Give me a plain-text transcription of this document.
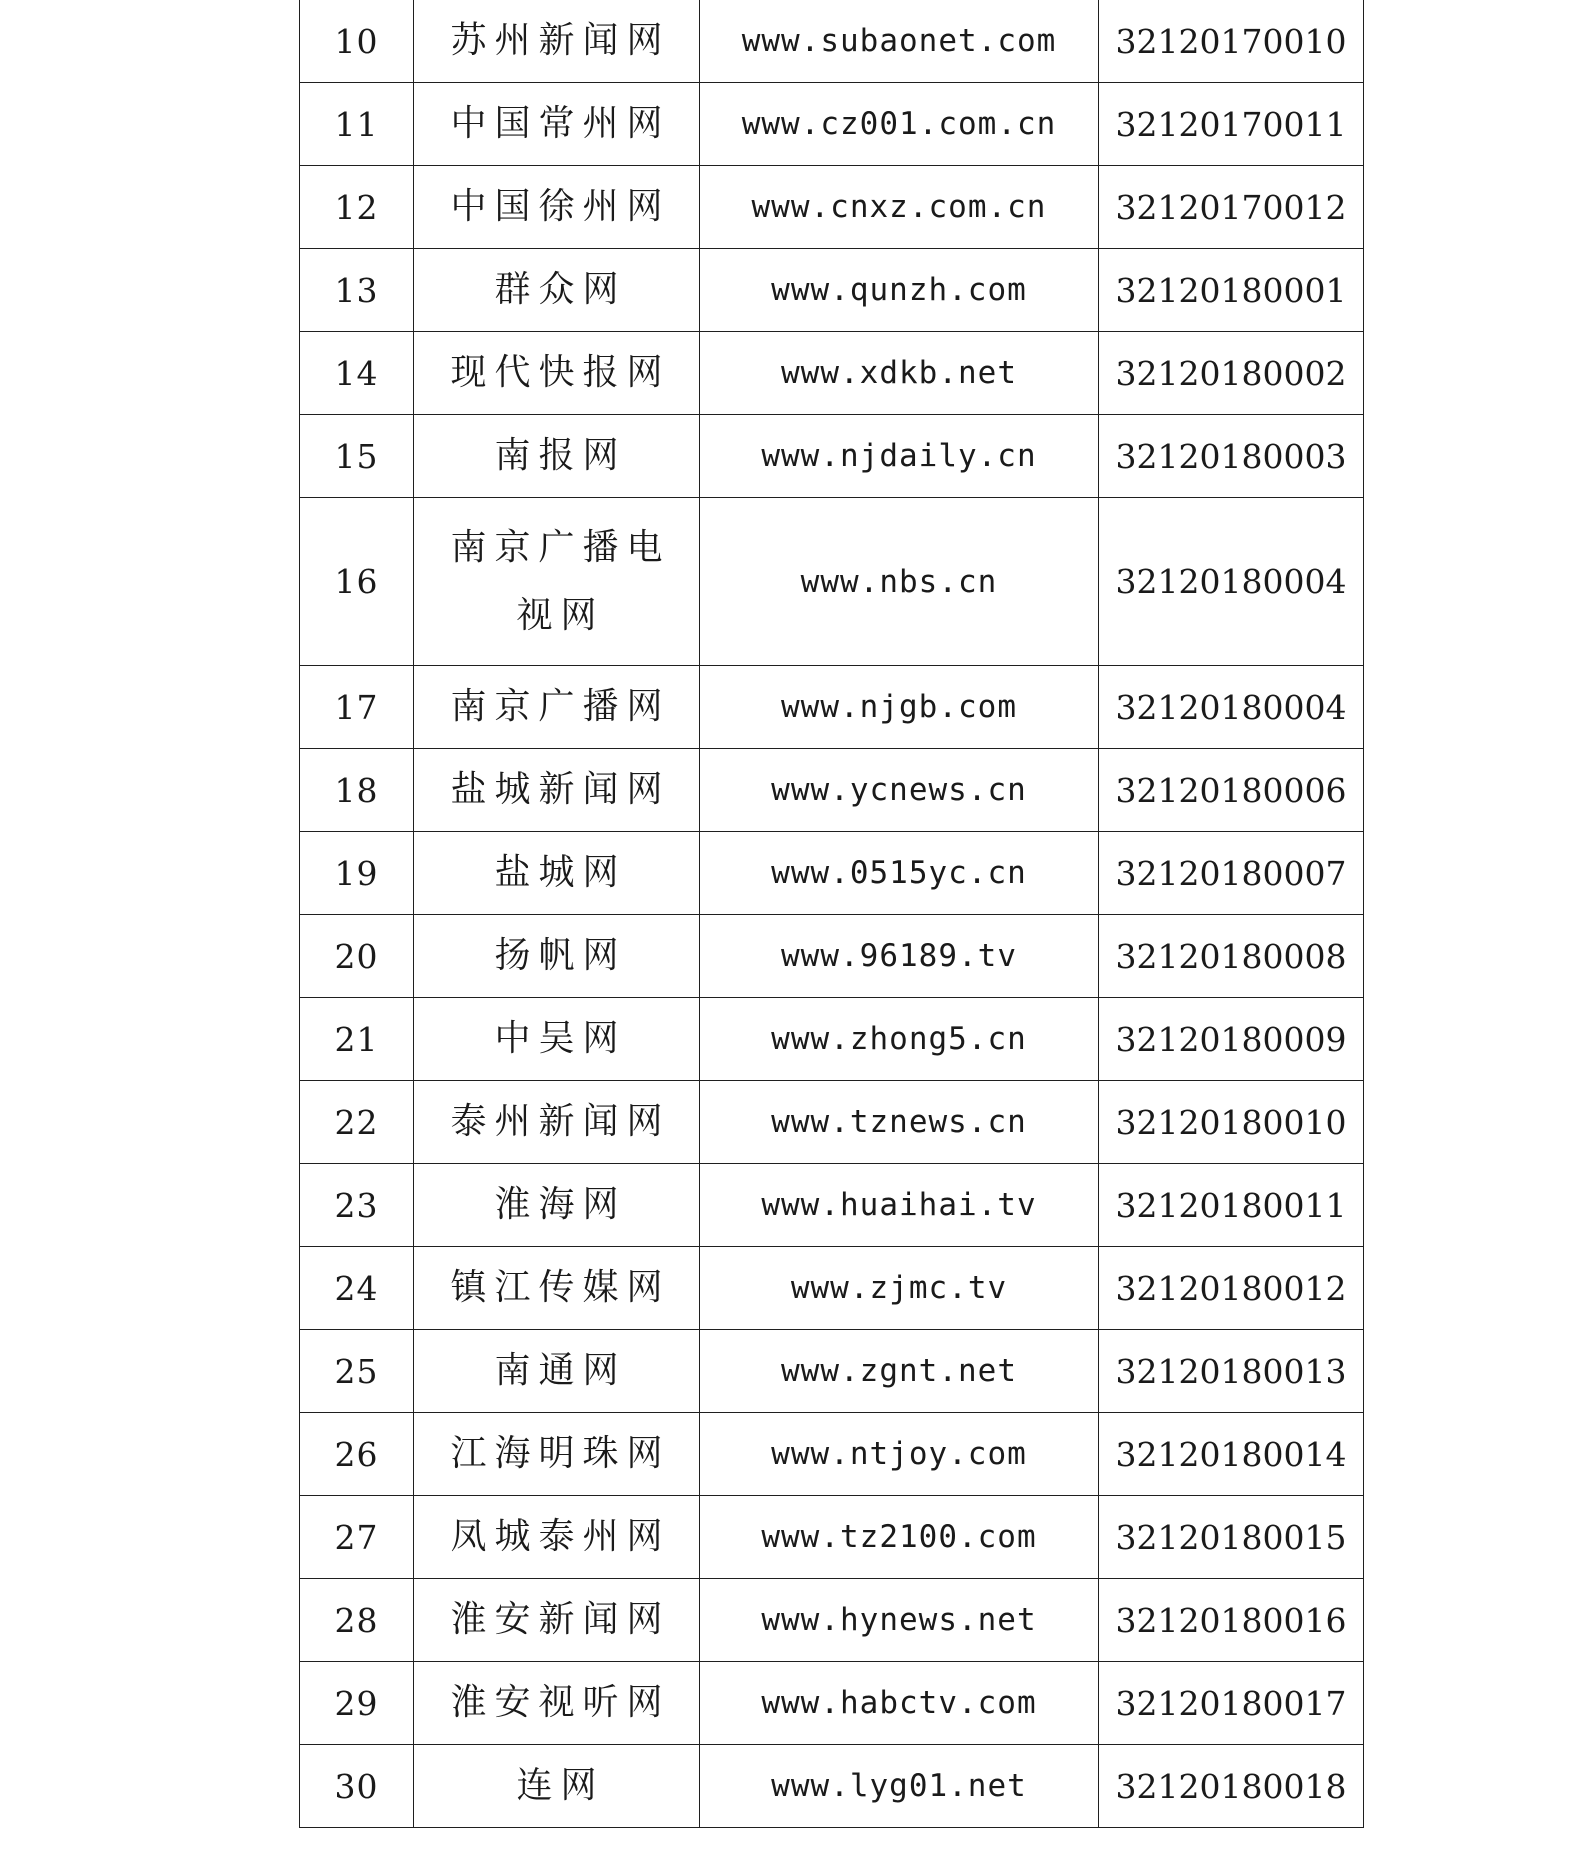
10	苏州新闻网	www.subaonet.com	32120170010
11	中国常州网	www.cz001.com.cn	32120170011
12	中国徐州网	www.cnxz.com.cn	32120170012
13	群众网	www.qunzh.com	32120180001
14	现代快报网	www.xdkb.net	32120180002
15	南报网	www.njdaily.cn	32120180003
16	南京广播电视网	www.nbs.cn	32120180004
17	南京广播网	www.njgb.com	32120180004
18	盐城新闻网	www.ycnews.cn	32120180006
19	盐城网	www.0515yc.cn	32120180007
20	扬帆网	www.96189.tv	32120180008
21	中吴网	www.zhong5.cn	32120180009
22	泰州新闻网	www.tznews.cn	32120180010
23	淮海网	www.huaihai.tv	32120180011
24	镇江传媒网	www.zjmc.tv	32120180012
25	南通网	www.zgnt.net	32120180013
26	江海明珠网	www.ntjoy.com	32120180014
27	凤城泰州网	www.tz2100.com	32120180015
28	淮安新闻网	www.hynews.net	32120180016
29	淮安视听网	www.habctv.com	32120180017
30	连网	www.lyg01.net	32120180018
